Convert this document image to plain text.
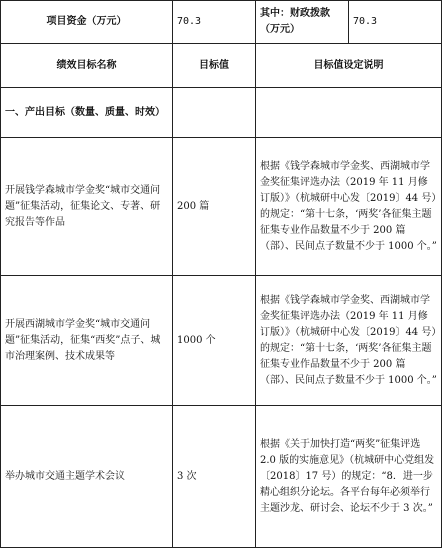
项目资金（万元）	70.3	其中：财政拨款（万元）	70.3
绩效目标名称	目标值	目标值设定说明	
一、产出目标（数量、质量、时效）			
开展钱学森城市学金奖“城市交通问题”征集活动，征集论文、专著、研究报告等作品	200 篇	根据《钱学森城市学金奖、西湖城市学金奖征集评选办法（2019 年 11 月修订版）》（杭城研中心发〔2019〕44 号）的规定：“第十七条，‘两奖’各征集主题征集专业作品数量不少于 200 篇（部）、民间点子数量不少于 1000 个。”	
开展西湖城市学金奖“城市交通问题”征集活动，征集“西奖”点子、城市治理案例、技术成果等	1000 个	根据《钱学森城市学金奖、西湖城市学金奖征集评选办法（2019 年 11 月修订版）》（杭城研中心发〔2019〕44 号）的规定：“第十七条，‘两奖’各征集主题征集专业作品数量不少于 200 篇（部）、民间点子数量不少于 1000 个。”	
举办城市交通主题学术会议	3 次	根据《关于加快打造“两奖”征集评选 2.0 版的实施意见》（杭城研中心党组发〔2018〕17 号）的规定：“8．进一步精心组织分论坛。各平台每年必须举行主题沙龙、研讨会、论坛不少于 3 次。”	
